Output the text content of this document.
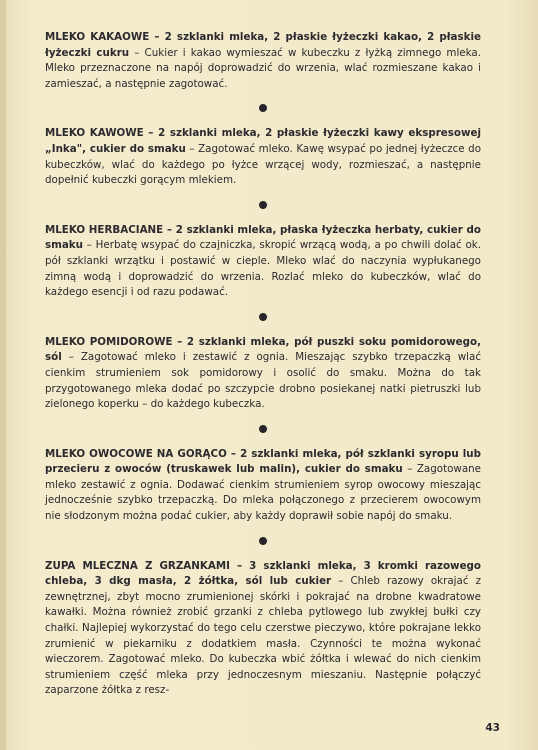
MLEKO KAKAOWE – 2 szklanki mleka, 2 płaskie łyżeczki kakao, 2 płaskie łyżeczki cukru – Cukier i kakao wymieszać w kubeczku z łyżką zimnego mleka. Mleko przeznaczone na napój doprowadzić do wrzenia, wlać rozmieszane kakao i zamieszać, a następnie zagotować.

MLEKO KAWOWE – 2 szklanki mleka, 2 płaskie łyżeczki kawy ekspresowej „Inka", cukier do smaku – Zagotować mleko. Kawę wsypać po jednej łyżeczce do kubeczków, wlać do każdego po łyżce wrzącej wody, rozmieszać, a następnie dopełnić kubeczki gorącym mlekiem.

MLEKO HERBACIANE – 2 szklanki mleka, płaska łyżeczka herbaty, cukier do smaku – Herbatę wsypać do czajniczka, skropić wrzącą wodą, a po chwili dolać ok. pół szklanki wrzątku i postawić w cieple. Mleko wlać do naczynia wypłukanego zimną wodą i doprowadzić do wrzenia. Rozlać mleko do kubeczków, wlać do każdego esencji i od razu podawać.

MLEKO POMIDOROWE – 2 szklanki mleka, pół puszki soku pomidorowego, sól – Zagotować mleko i zestawić z ognia. Mieszając szybko trzepaczką wlać cienkim strumieniem sok pomidorowy i osolić do smaku. Można do tak przygotowanego mleka dodać po szczypcie drobno posiekanej natki pietruszki lub zielonego koperku – do każdego kubeczka.

MLEKO OWOCOWE NA GORĄCO – 2 szklanki mleka, pół szklanki syropu lub przecieru z owoców (truskawek lub malin), cukier do smaku – Zagotowane mleko zestawić z ognia. Dodawać cienkim strumieniem syrop owocowy mieszając jednocześnie szybko trzepaczką. Do mleka połączonego z przecierem owocowym nie słodzonym można podać cukier, aby każdy doprawił sobie napój do smaku.

ZUPA MLECZNA Z GRZANKAMI – 3 szklanki mleka, 3 kromki razowego chleba, 3 dkg masła, 2 żółtka, sól lub cukier – Chleb razowy okrajać z zewnętrznej, zbyt mocno zrumienionej skórki i pokrajać na drobne kwadratowe kawałki. Można również zrobić grzanki z chleba pytlowego lub zwykłej bułki czy chałki. Najlepiej wykorzystać do tego celu czerstwe pieczywo, które pokrajane lekko zrumienić w piekarniku z dodatkiem masła. Czynności te można wykonać wieczorem. Zagotować mleko. Do kubeczka wbić żółtka i wlewać do nich cienkim strumieniem część mleka przy jednoczesnym mieszaniu. Następnie połączyć zaparzone żółtka z resz-

43
